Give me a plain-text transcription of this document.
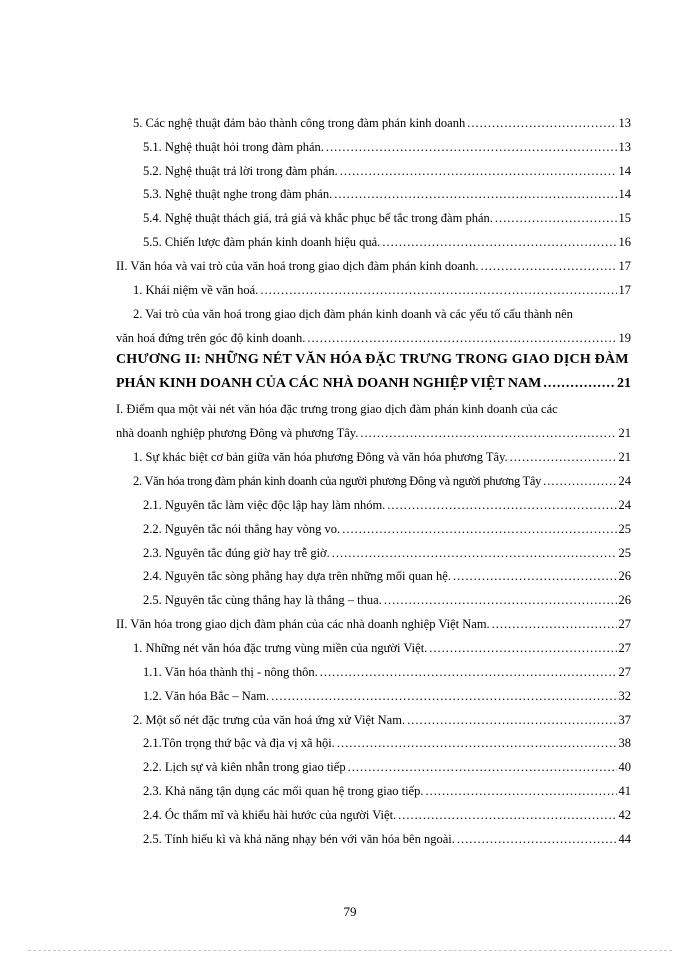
5. Các nghệ thuật đảm bảo thành công trong đàm phán kinh doanh .....	13
5.1. Nghệ thuật hỏi trong đàm phán. .....	13
5.2. Nghệ thuật trả lời trong đàm phán. .....	14
5.3. Nghệ thuật nghe trong đàm phán. .....	14
5.4. Nghệ thuật thách giá, trả giá và khắc phục bế tắc trong đàm phán. .....	15
5.5. Chiến lược đàm phán kinh doanh hiệu quả. .....	16
II. Văn hóa và vai trò của văn hoá trong giao dịch đàm phán kinh doanh. .....	17
1. Khái niệm về văn hoá. .....	17
2. Vai trò của văn hoá trong giao dịch đàm phán kinh doanh và các yếu tố cấu thành nên
văn hoá đứng trên góc độ kinh doanh. .....	19
CHƯƠNG II: NHỮNG NÉT VĂN HÓA ĐẶC TRƯNG TRONG GIAO DỊCH ĐÀM
PHÁN KINH DOANH CỦA CÁC NHÀ DOANH NGHIỆP VIỆT NAM .....	21
I. Điểm qua một vài nét văn hóa đặc trưng trong giao dịch đàm phán kinh doanh của các
nhà doanh nghiệp phương Đông và phương Tây. .....	21
1. Sự khác biệt cơ bản giữa văn hóa phương Đông và văn hóa phương Tây. .....	21
2. Văn hóa trong đàm phán kinh doanh của người phương Đông và người phương Tây .....	24
2.1. Nguyên tắc làm việc độc lập hay làm nhóm. .....	24
2.2. Nguyên tắc nói thẳng hay vòng vo. .....	25
2.3. Nguyên tắc đúng giờ hay trễ giờ. .....	25
2.4. Nguyên tắc sòng phẳng hay dựa trên những mối quan hệ. .....	26
2.5. Nguyên tắc cùng thắng hay là thắng – thua. .....	26
II. Văn hóa trong giao dịch đàm phán của các nhà doanh nghiệp Việt Nam. .....	27
1. Những nét văn hóa đặc trưng vùng miền của người Việt. .....	27
1.1. Văn hóa thành thị - nông thôn. .....	27
1.2. Văn hóa Bắc – Nam. .....	32
2. Một số nét đặc trưng của văn hoá ứng xử Việt Nam. .....	37
2.1.Tôn trọng thứ bậc và địa vị xã hội. .....	38
2.2. Lịch sự và kiên nhẫn trong giao tiếp .....	40
2.3. Khả năng tận dụng các mối quan hệ trong giao tiếp. .....	41
2.4. Óc thẩm mĩ và khiếu hài hước của người Việt. .....	42
2.5. Tính hiếu kì và khả năng nhạy bén với văn hóa bên ngoài. .....	44
79
